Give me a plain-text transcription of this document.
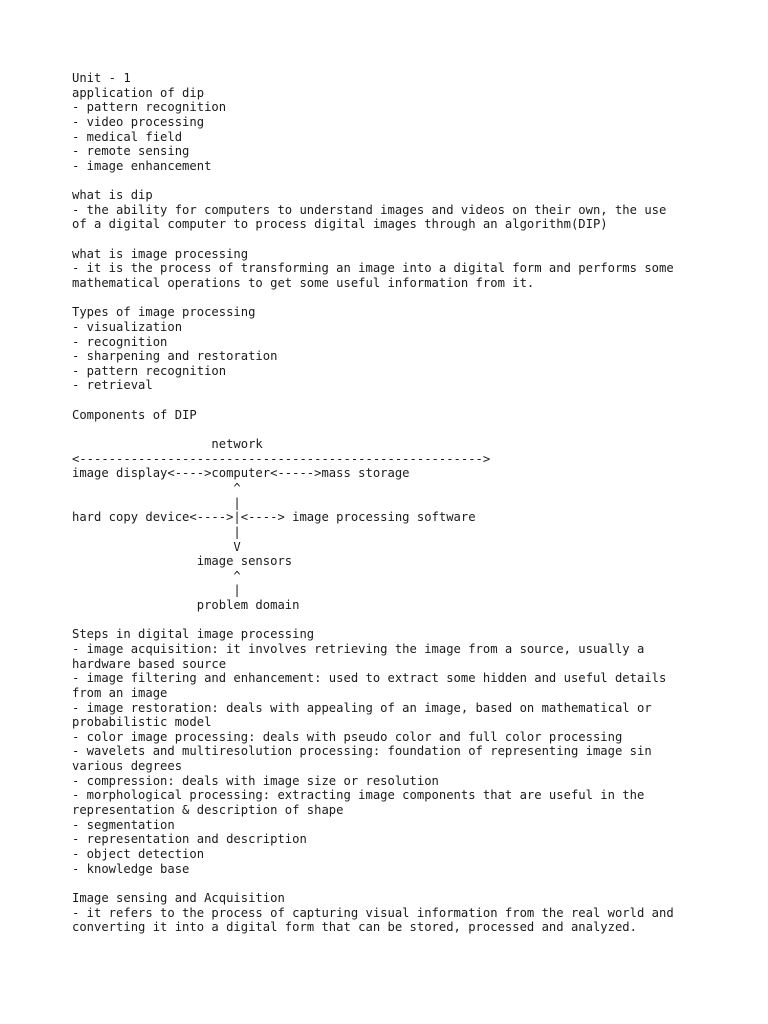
Unit - 1
application of dip
- pattern recognition
- video processing
- medical field
- remote sensing
- image enhancement
what is dip
- the ability for computers to understand images and videos on their own, the use
of a digital computer to process digital images through an algorithm(DIP)
what is image processing
- it is the process of transforming an image into a digital form and performs some
mathematical operations to get some useful information from it.
Types of image processing
- visualization
- recognition
- sharpening and restoration
- pattern recognition
- retrieval
Components of DIP
network
<------------------------------------------------------->
image display<---->computer<----->mass storage
^
|
hard copy device<---->|<----> image processing software
|
V
image sensors
^
|
problem domain
Steps in digital image processing
- image acquisition: it involves retrieving the image from a source, usually a
hardware based source
- image filtering and enhancement: used to extract some hidden and useful details
from an image
- image restoration: deals with appealing of an image, based on mathematical or
probabilistic model
- color image processing: deals with pseudo color and full color processing
- wavelets and multiresolution processing: foundation of representing image sin
various degrees
- compression: deals with image size or resolution
- morphological processing: extracting image components that are useful in the
representation & description of shape
- segmentation
- representation and description
- object detection
- knowledge base
Image sensing and Acquisition
- it refers to the process of capturing visual information from the real world and
converting it into a digital form that can be stored, processed and analyzed.
